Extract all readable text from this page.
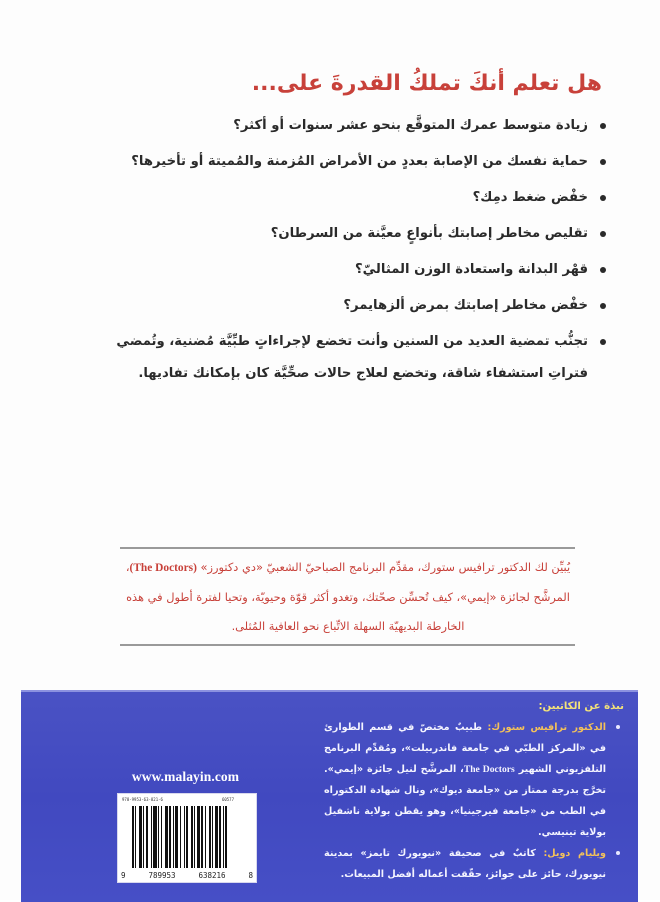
هل تعلم أنكَ تملكُ القدرةَ على...
زيادة متوسط عمرك المتوقَّع بنحو عشر سنوات أو أكثر؟
حماية نفسك من الإصابة بعددٍ من الأمراض المُزمنة والمُميتة أو تأخيرها؟
خفْض ضغط دمِك؟
تقليص مخاطر إصابتك بأنواعٍ معيَّنة من السرطان؟
قهْر البدانة واستعادة الوزن المثاليّ؟
خفْض مخاطر إصابتك بمرض ألزهايمر؟
تجنُّب تمضية العديد من السنين وأنت تخضع لإجراءاتٍ طبِّيَّة مُضنية، وتُمضي فتراتِ استشفاء شاقة، وتخضع لعلاج حالات صحِّيَّة كان بإمكانك تفاديها.
يُبيِّن لك الدكتور ترافيس ستورك، مقدِّم البرنامج الصباحيّ الشعبيّ «دي دكتورز» (The Doctors)، المرشَّح لجائزة «إيمي»، كيف تُحسِّن صحّتك، وتغدو أكثر قوّة وحيويّة، وتحيا لفترة أطول في هذه الخارطة البديهيّة السهلة الاتِّباع نحو العافية المُثلى.
نبذة عن الكاتبين:
الدكتور ترافيس ستورك: طبيبٌ مختصّ في قسم الطوارئ في «المركز الطبّي في جامعة فاندربيلت»، ومُقدِّم البرنامج التلفزيوني الشهير The Doctors، المرشَّح لنيل جائزة «إيمي». تخرَّج بدرجة ممتاز من «جامعة ديوك»، ونال شهادة الدكتوراه في الطب من «جامعة فيرجينيا»، وهو يقطن بولاية ناشفيل بولاية تينيسي.
ويليام دويل: كاتبٌ في صحيفة «نيويورك تايمز» بمدينة نيويورك، حائز على جوائز، حقّقت أعماله أفضل المبيعات.
www.malayin.com
978-9953-63-821-6	60577
9	789953	638216	8
